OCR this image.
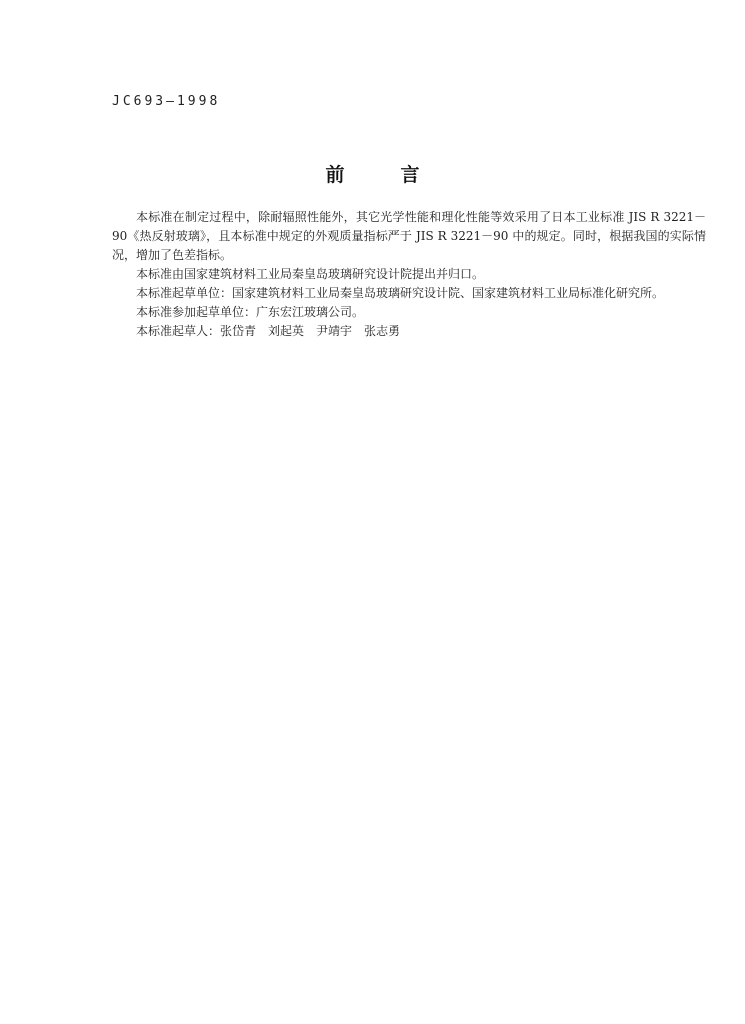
JC693—1998
前	言

本标准在制定过程中，除耐辐照性能外，其它光学性能和理化性能等效采用了日本工业标准 JIS R 3221－90《热反射玻璃》，且本标准中规定的外观质量指标严于 JIS R 3221－90 中的规定。同时，根据我国的实际情况，增加了色差指标。

本标准由国家建筑材料工业局秦皇岛玻璃研究设计院提出并归口。

本标准起草单位：国家建筑材料工业局秦皇岛玻璃研究设计院、国家建筑材料工业局标准化研究所。

本标准参加起草单位：广东宏江玻璃公司。

本标准起草人：张岱青　刘起英　尹靖宇　张志勇
